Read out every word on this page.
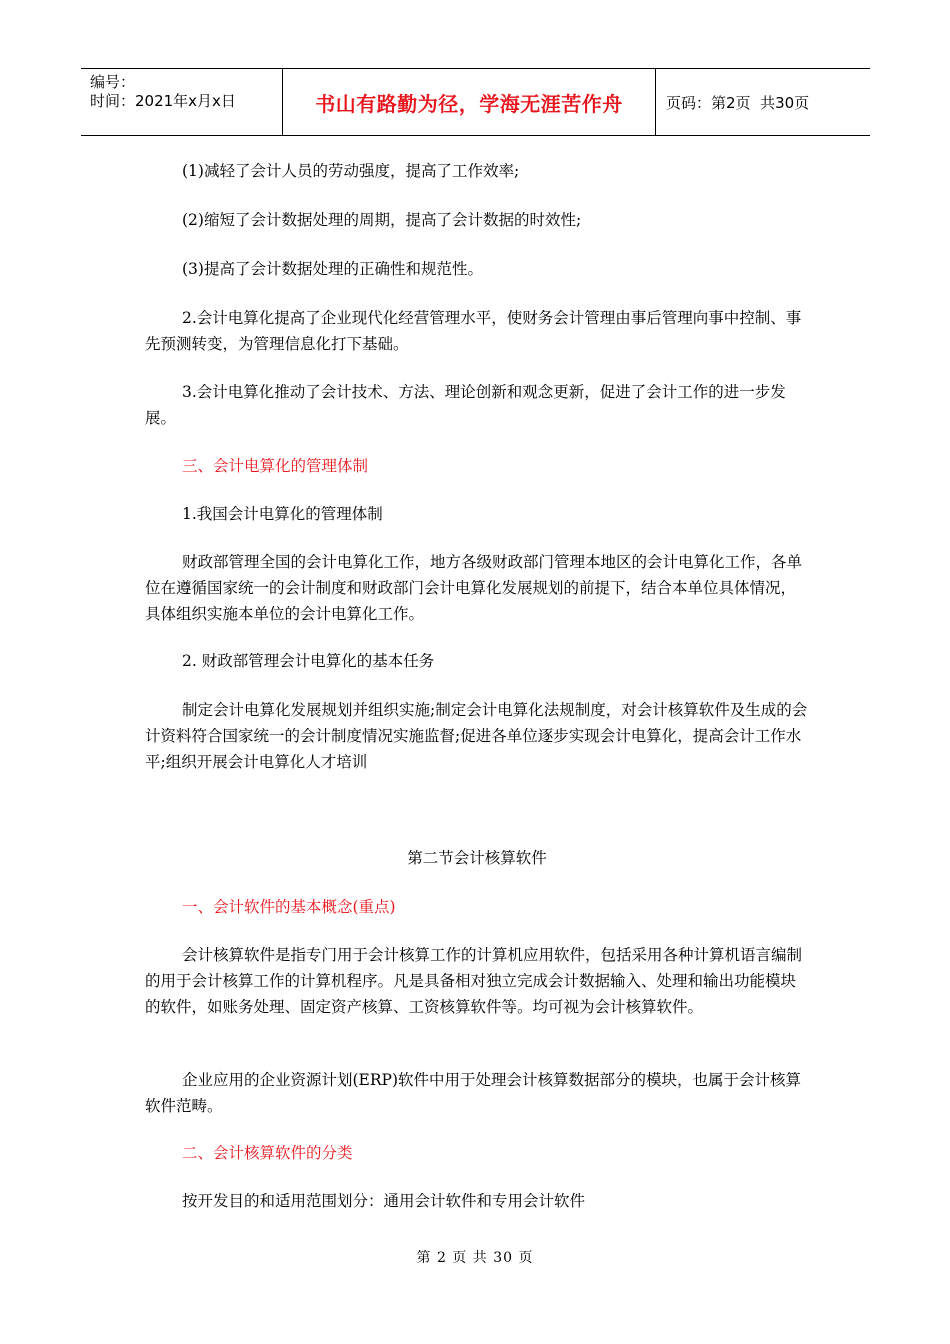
编号：
时间：2021年x月x日	书山有路勤为径，学海无涯苦作舟	页码：第2页  共30页

(1)减轻了会计人员的劳动强度，提高了工作效率;

(2)缩短了会计数据处理的周期，提高了会计数据的时效性;

(3)提高了会计数据处理的正确性和规范性。

2.会计电算化提高了企业现代化经营管理水平，使财务会计管理由事后管理向事中控制、事先预测转变，为管理信息化打下基础。

3.会计电算化推动了会计技术、方法、理论创新和观念更新，促进了会计工作的进一步发展。

三、会计电算化的管理体制

1.我国会计电算化的管理体制

财政部管理全国的会计电算化工作，地方各级财政部门管理本地区的会计电算化工作，各单位在遵循国家统一的会计制度和财政部门会计电算化发展规划的前提下，结合本单位具体情况，具体组织实施本单位的会计电算化工作。

2. 财政部管理会计电算化的基本任务

制定会计电算化发展规划并组织实施;制定会计电算化法规制度，对会计核算软件及生成的会计资料符合国家统一的会计制度情况实施监督;促进各单位逐步实现会计电算化，提高会计工作水平;组织开展会计电算化人才培训

第二节会计核算软件

一、会计软件的基本概念(重点)

会计核算软件是指专门用于会计核算工作的计算机应用软件，包括采用各种计算机语言编制的用于会计核算工作的计算机程序。凡是具备相对独立完成会计数据输入、处理和输出功能模块的软件，如账务处理、固定资产核算、工资核算软件等。均可视为会计核算软件。

企业应用的企业资源计划(ERP)软件中用于处理会计核算数据部分的模块，也属于会计核算软件范畴。

二、会计核算软件的分类

按开发目的和适用范围划分：通用会计软件和专用会计软件

第 2 页 共 30 页
